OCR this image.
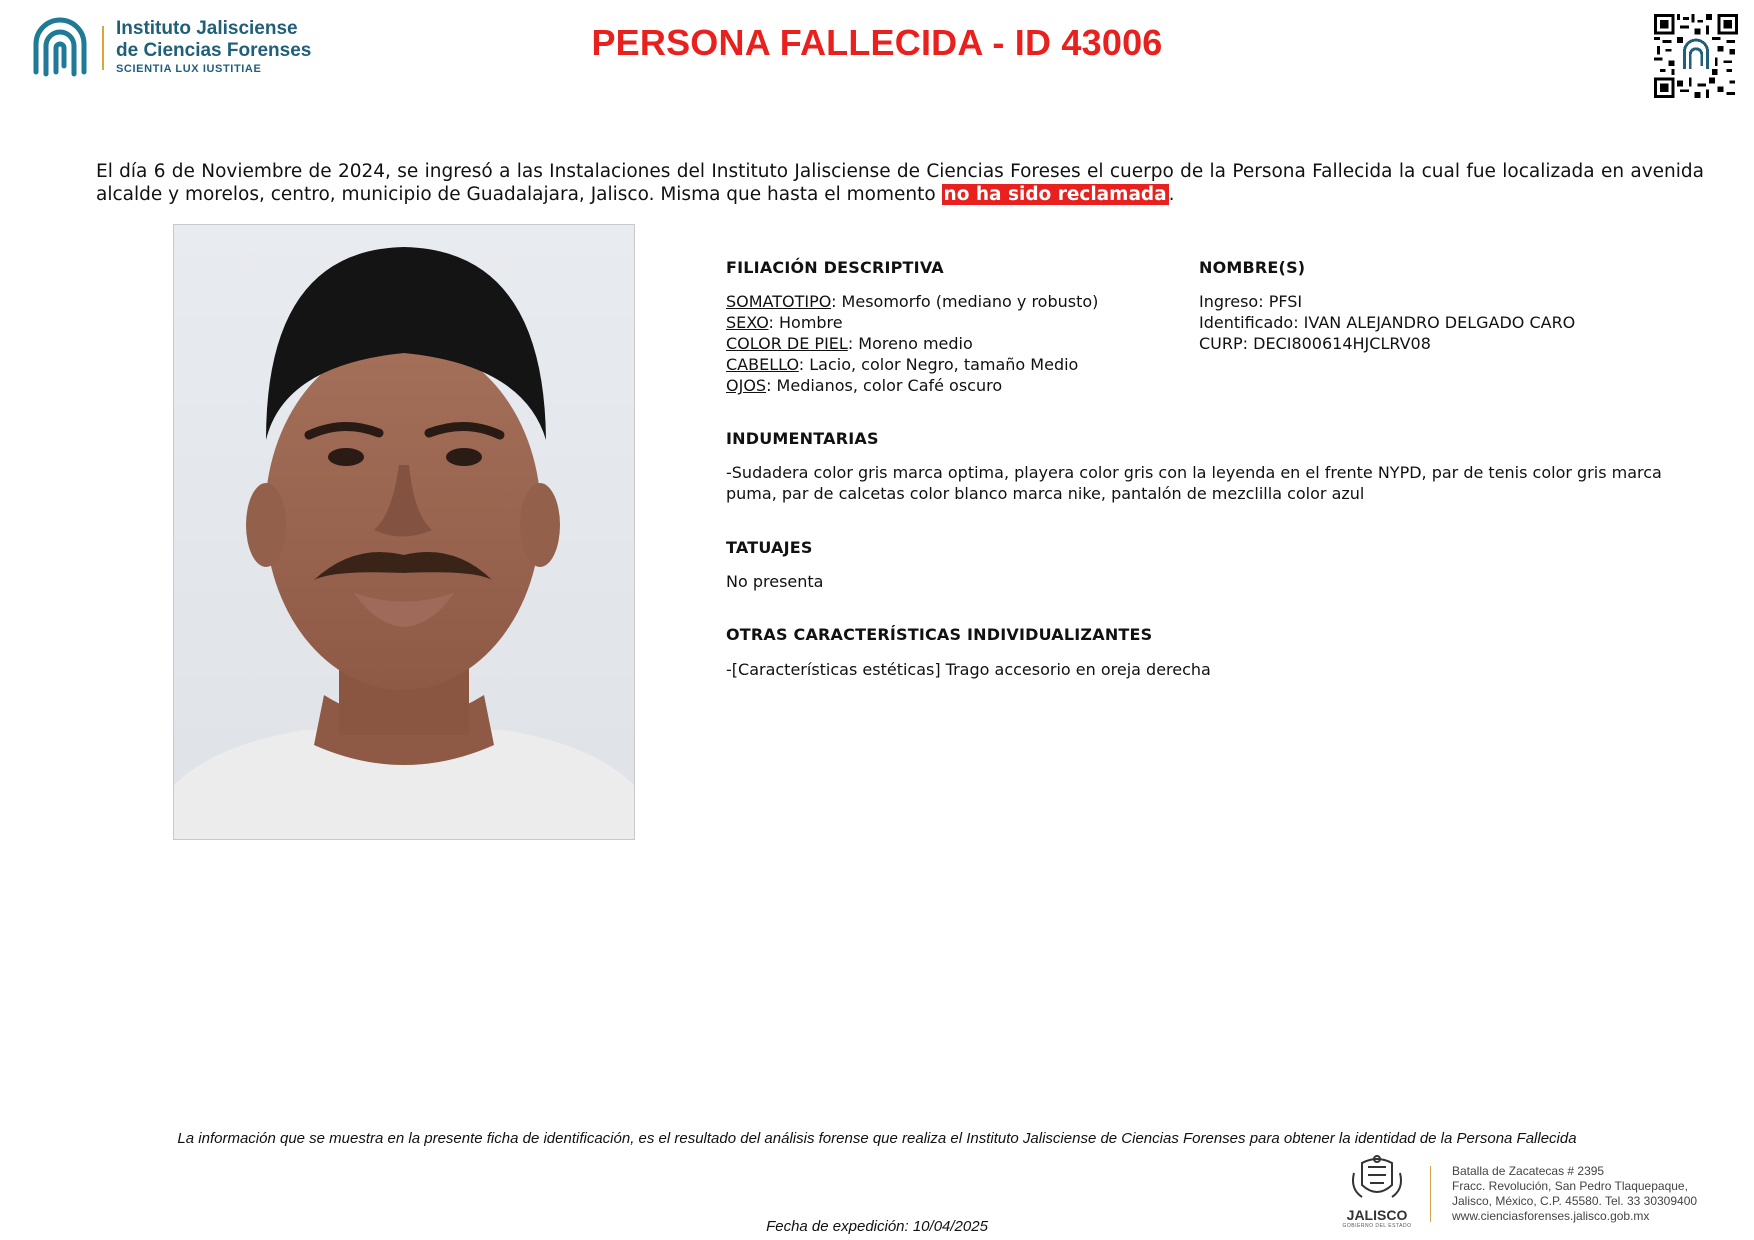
Instituto Jalisciense
de Ciencias Forenses
SCIENTIA LUX IUSTITIAE
PERSONA FALLECIDA - ID 43006
El día 6 de Noviembre de 2024, se ingresó a las Instalaciones del Instituto Jalisciense de Ciencias Foreses el cuerpo de la Persona Fallecida la cual fue localizada en avenida alcalde y morelos, centro, municipio de Guadalajara, Jalisco. Misma que hasta el momento no ha sido reclamada .
FILIACIÓN DESCRIPTIVA
SOMATOTIPO: Mesomorfo (mediano y robusto)
SEXO: Hombre
COLOR DE PIEL: Moreno medio
CABELLO: Lacio, color Negro, tamaño Medio
OJOS: Medianos, color Café oscuro
NOMBRE(S)
Ingreso: PFSI
Identificado: IVAN ALEJANDRO DELGADO CARO
CURP: DECI800614HJCLRV08
INDUMENTARIAS
-Sudadera color gris marca optima, playera color gris con la leyenda en el frente NYPD, par de tenis color gris marca puma, par de calcetas color blanco marca nike, pantalón de mezclilla color azul
TATUAJES
No presenta
OTRAS CARACTERÍSTICAS INDIVIDUALIZANTES
-[Características estéticas] Trago accesorio en oreja derecha
La información que se muestra en la presente ficha de identificación, es el resultado del análisis forense que realiza el Instituto Jalisciense de Ciencias Forenses para obtener la identidad de la Persona Fallecida
JALISCO
GOBIERNO DEL ESTADO
Batalla de Zacatecas # 2395
Fracc. Revolución, San Pedro Tlaquepaque,
Jalisco, México, C.P. 45580. Tel. 33 30309400
www.cienciasforenses.jalisco.gob.mx
Fecha de expedición: 10/04/2025
